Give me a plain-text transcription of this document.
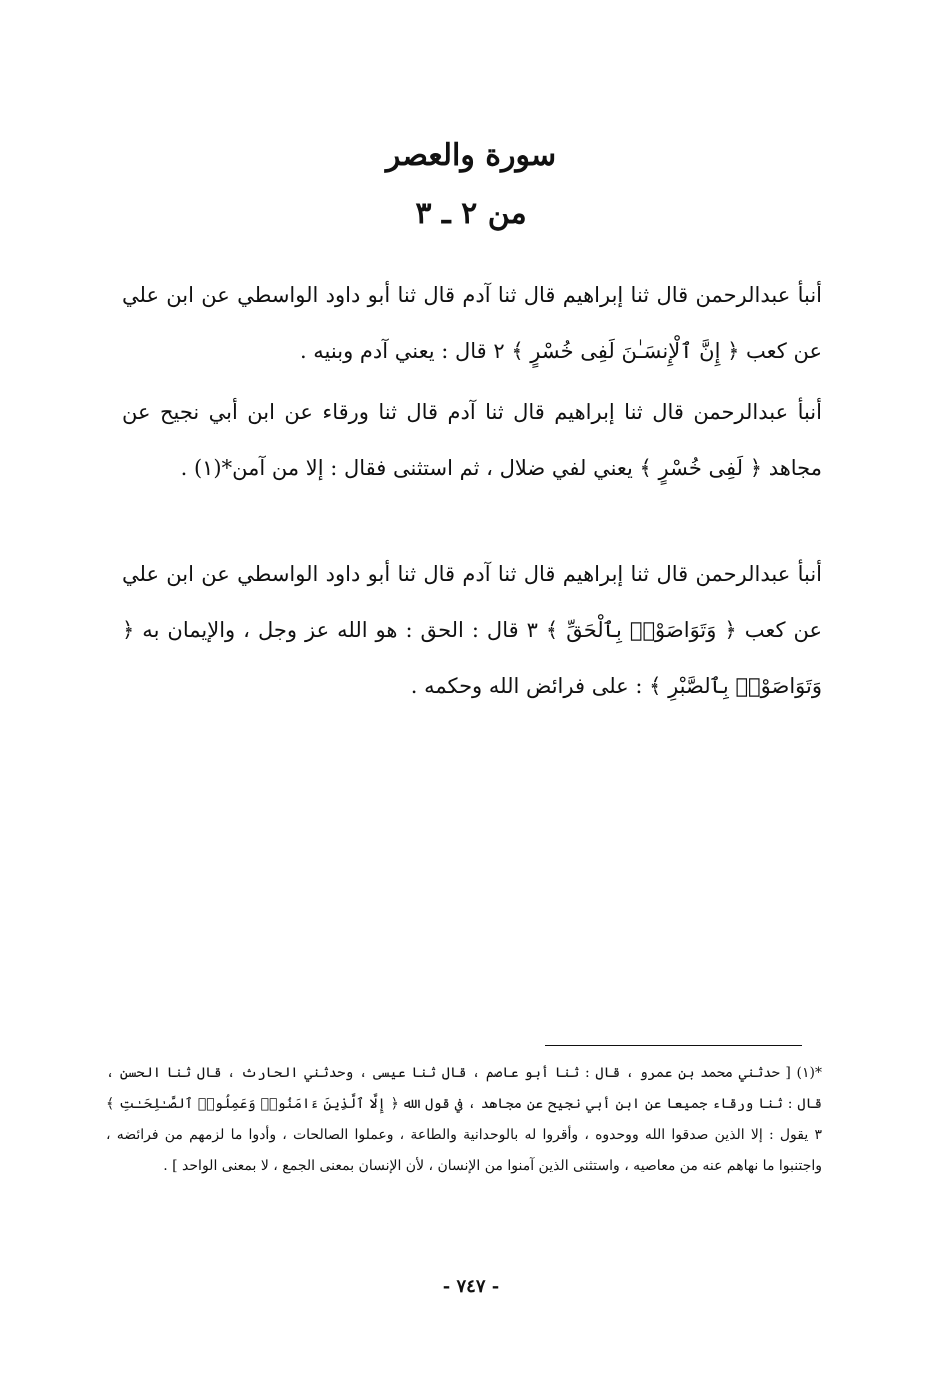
سورة والعصر
من ٢ ـ ٣
أنبأ عبدالرحمن قال ثنا إبراهيم قال ثنا آدم قال ثنا أبو داود الواسطي عن ابن علي عن كعب ﴿ إِنَّ ٱلْإِنسَـٰنَ لَفِى خُسْرٍ ﴾ ٢ قال : يعني آدم وبنيه .
أنبأ عبدالرحمن قال ثنا إبراهيم قال ثنا آدم قال ثنا ورقاء عن ابن أبي نجيح عن مجاهد ﴿ لَفِى خُسْرٍ ﴾ يعني لفي ضلال ، ثم استثنى فقال : إلا من آمن*(١) .
أنبأ عبدالرحمن قال ثنا إبراهيم قال ثنا آدم قال ثنا أبو داود الواسطي عن ابن علي عن كعب ﴿ وَتَوَاصَوْا۟ بِٱلْحَقِّ ﴾ ٣ قال : الحق : هو الله عز وجل ، والإيمان به ﴿ وَتَوَاصَوْا۟ بِٱلصَّبْرِ ﴾ : على فرائض الله وحكمه .
*(١) [ حدثني محمد بن عمرو ، قال : ثنا أبو عاصم ، قال ثنا عيسى ، وحدثني الحارث ، قال ثنا الحسن ، قال : ثنا ورقاء جميعا عن ابن أبي نجيح عن مجاهد ، في قول الله ﴿ إِلَّا ٱلَّذِينَ ءَامَنُوا۟ وَعَمِلُوا۟ ٱلصَّـٰلِحَـٰتِ ﴾ ٣ يقول : إلا الذين صدقوا الله ووحدوه ، وأقروا له بالوحدانية والطاعة ، وعملوا الصالحات ، وأدوا ما لزمهم من فرائضه ، واجتنبوا ما نهاهم عنه من معاصيه ، واستثنى الذين آمنوا من الإنسان ، لأن الإنسان بمعنى الجمع ، لا بمعنى الواحد ] .
- ٧٤٧ -
